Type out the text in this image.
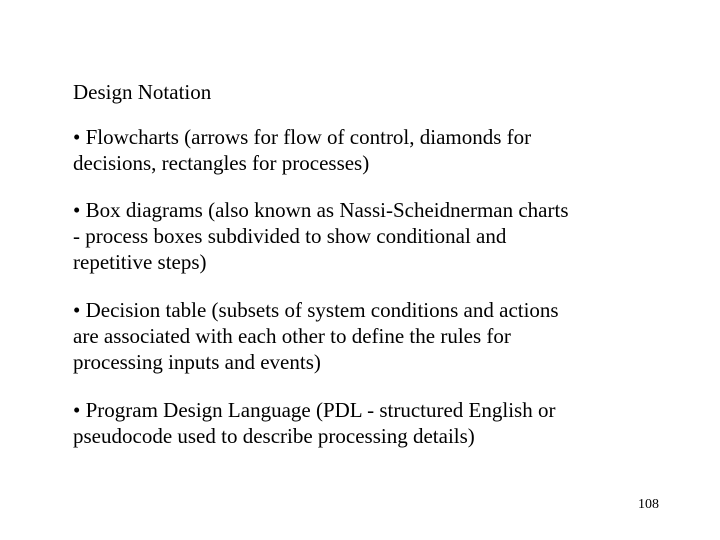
Design Notation
• Flowcharts (arrows for flow of control, diamonds for
decisions, rectangles for processes)
• Box diagrams (also known as Nassi-Scheidnerman charts
- process boxes subdivided to show conditional and
repetitive steps)
• Decision table (subsets of system conditions and actions
are associated with each other to define the rules for
processing inputs and events)
• Program Design Language (PDL - structured English or
pseudocode used to describe processing details)
108
